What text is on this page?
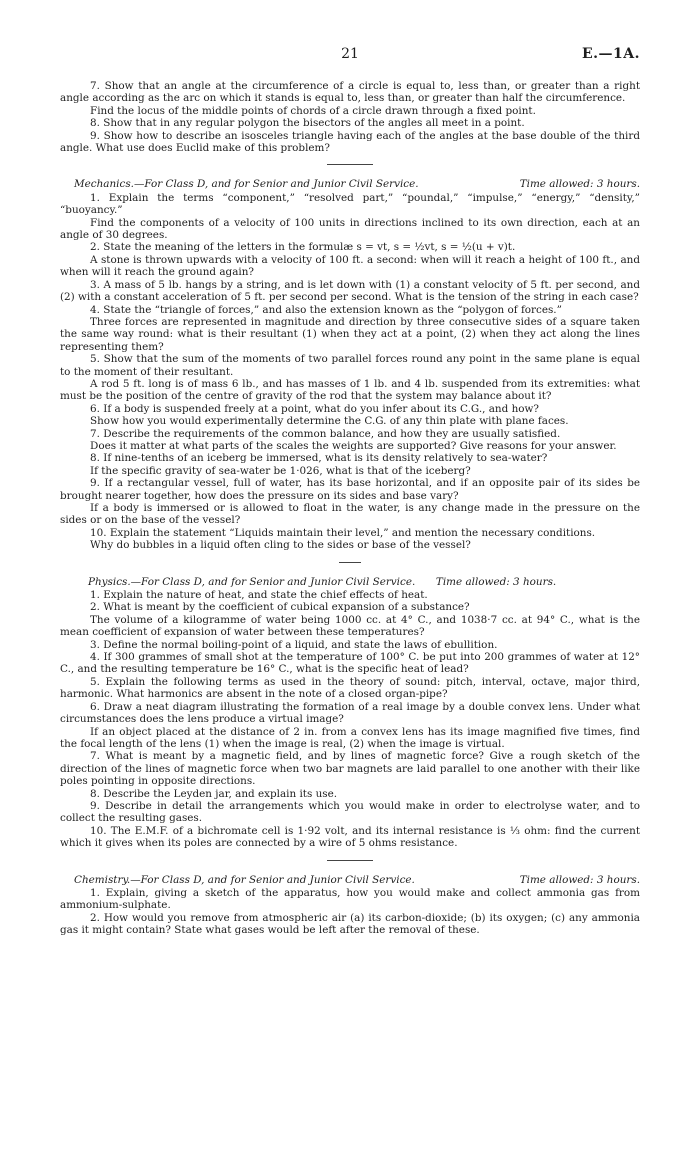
21	E.—1A.

7. Show that an angle at the circumference of a circle is equal to, less than, or greater than a right angle according as the arc on which it stands is equal to, less than, or greater than half the circumference.

Find the locus of the middle points of chords of a circle drawn through a fixed point.

8. Show that in any regular polygon the bisectors of the angles all meet in a point.

9. Show how to describe an isosceles triangle having each of the angles at the base double of the third angle. What use does Euclid make of this problem?

Mechanics.—For Class D, and for Senior and Junior Civil Service.	Time allowed: 3 hours.

1. Explain the terms “component,” “resolved part,” “poundal,” “impulse,” “energy,” “density,” “buoyancy.”

Find the components of a velocity of 100 units in directions inclined to its own direction, each at an angle of 30 degrees.

2. State the meaning of the letters in the formulæ s = vt, s = ½vt, s = ½(u + v)t.

A stone is thrown upwards with a velocity of 100 ft. a second: when will it reach a height of 100 ft., and when will it reach the ground again?

3. A mass of 5 lb. hangs by a string, and is let down with (1) a constant velocity of 5 ft. per second, and (2) with a constant acceleration of 5 ft. per second per second. What is the tension of the string in each case?

4. State the “triangle of forces,” and also the extension known as the “polygon of forces.”

Three forces are represented in magnitude and direction by three consecutive sides of a square taken the same way round: what is their resultant (1) when they act at a point, (2) when they act along the lines representing them?

5. Show that the sum of the moments of two parallel forces round any point in the same plane is equal to the moment of their resultant.

A rod 5 ft. long is of mass 6 lb., and has masses of 1 lb. and 4 lb. suspended from its extremities: what must be the position of the centre of gravity of the rod that the system may balance about it?

6. If a body is suspended freely at a point, what do you infer about its C.G., and how?

Show how you would experimentally determine the C.G. of any thin plate with plane faces.

7. Describe the requirements of the common balance, and how they are usually satisfied.

Does it matter at what parts of the scales the weights are supported? Give reasons for your answer.

8. If nine-tenths of an iceberg be immersed, what is its density relatively to sea-water?

If the specific gravity of sea-water be 1·026, what is that of the iceberg?

9. If a rectangular vessel, full of water, has its base horizontal, and if an opposite pair of its sides be brought nearer together, how does the pressure on its sides and base vary?

If a body is immersed or is allowed to float in the water, is any change made in the pressure on the sides or on the base of the vessel?

10. Explain the statement “Liquids maintain their level,” and mention the necessary conditions.

Why do bubbles in a liquid often cling to the sides or base of the vessel?

Physics.—For Class D, and for Senior and Junior Civil Service. Time allowed: 3 hours.

1. Explain the nature of heat, and state the chief effects of heat.

2. What is meant by the coefficient of cubical expansion of a substance?

The volume of a kilogramme of water being 1000 cc. at 4° C., and 1038·7 cc. at 94° C., what is the mean coefficient of expansion of water between these temperatures?

3. Define the normal boiling-point of a liquid, and state the laws of ebullition.

4. If 300 grammes of small shot at the temperature of 100° C. be put into 200 grammes of water at 12° C., and the resulting temperature be 16° C., what is the specific heat of lead?

5. Explain the following terms as used in the theory of sound: pitch, interval, octave, major third, harmonic. What harmonics are absent in the note of a closed organ-pipe?

6. Draw a neat diagram illustrating the formation of a real image by a double convex lens. Under what circumstances does the lens produce a virtual image?

If an object placed at the distance of 2 in. from a convex lens has its image magnified five times, find the focal length of the lens (1) when the image is real, (2) when the image is virtual.

7. What is meant by a magnetic field, and by lines of magnetic force? Give a rough sketch of the direction of the lines of magnetic force when two bar magnets are laid parallel to one another with their like poles pointing in opposite directions.

8. Describe the Leyden jar, and explain its use.

9. Describe in detail the arrangements which you would make in order to electrolyse water, and to collect the resulting gases.

10. The E.M.F. of a bichromate cell is 1·92 volt, and its internal resistance is ⅓ ohm: find the current which it gives when its poles are connected by a wire of 5 ohms resistance.

Chemistry.—For Class D, and for Senior and Junior Civil Service.	Time allowed: 3 hours.

1. Explain, giving a sketch of the apparatus, how you would make and collect ammonia gas from ammonium-sulphate.

2. How would you remove from atmospheric air (a) its carbon-dioxide; (b) its oxygen; (c) any ammonia gas it might contain? State what gases would be left after the removal of these.
